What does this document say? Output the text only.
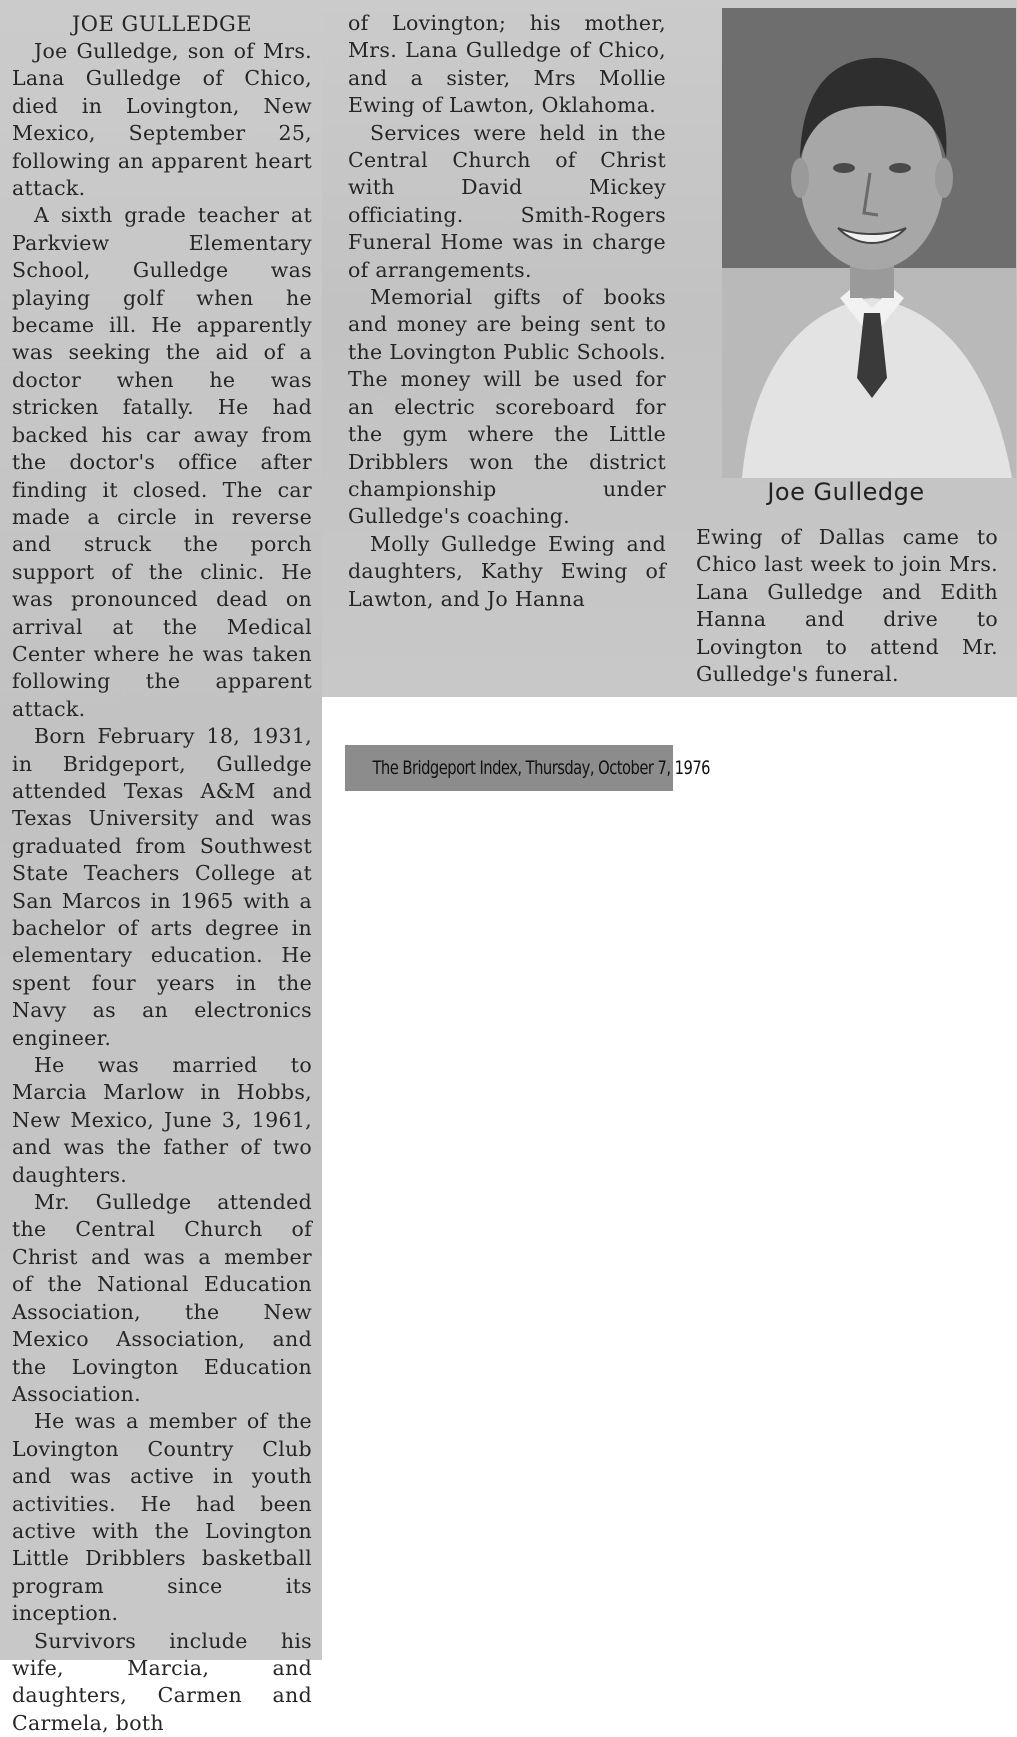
JOE GULLEDGE

Joe Gulledge, son of Mrs. Lana Gulledge of Chico, died in Lovington, New Mexico, September 25, following an apparent heart attack.

A sixth grade teacher at Parkview Elementary School, Gulledge was playing golf when he became ill. He apparently was seeking the aid of a doctor when he was stricken fatally. He had backed his car away from the doctor's office after finding it closed. The car made a circle in reverse and struck the porch support of the clinic. He was pronounced dead on arrival at the Medical Center where he was taken following the apparent attack.

Born February 18, 1931, in Bridgeport, Gulledge attended Texas A&M and Texas University and was graduated from Southwest State Teachers College at San Marcos in 1965 with a bachelor of arts degree in elementary education. He spent four years in the Navy as an electronics engineer.

He was married to Marcia Marlow in Hobbs, New Mexico, June 3, 1961, and was the father of two daughters.

Mr. Gulledge attended the Central Church of Christ and was a member of the National Education Association, the New Mexico Association, and the Lovington Education Association.

He was a member of the Lovington Country Club and was active in youth activities. He had been active with the Lovington Little Dribblers basketball program since its inception.

Survivors include his wife, Marcia, and daughters, Carmen and Carmela, both

of Lovington; his mother, Mrs. Lana Gulledge of Chico, and a sister, Mrs Mollie Ewing of Lawton, Oklahoma.

Services were held in the Central Church of Christ with David Mickey officiating. Smith-Rogers Funeral Home was in charge of arrangements.

Memorial gifts of books and money are being sent to the Lovington Public Schools. The money will be used for an electric scoreboard for the gym where the Little Dribblers won the district championship under Gulledge's coaching.

Molly Gulledge Ewing and daughters, Kathy Ewing of Lawton, and Jo Hanna

Joe Gulledge

Ewing of Dallas came to Chico last week to join Mrs. Lana Gulledge and Edith Hanna and drive to Lovington to attend Mr. Gulledge's funeral.

The Bridgeport Index, Thursday, October 7, 1976
